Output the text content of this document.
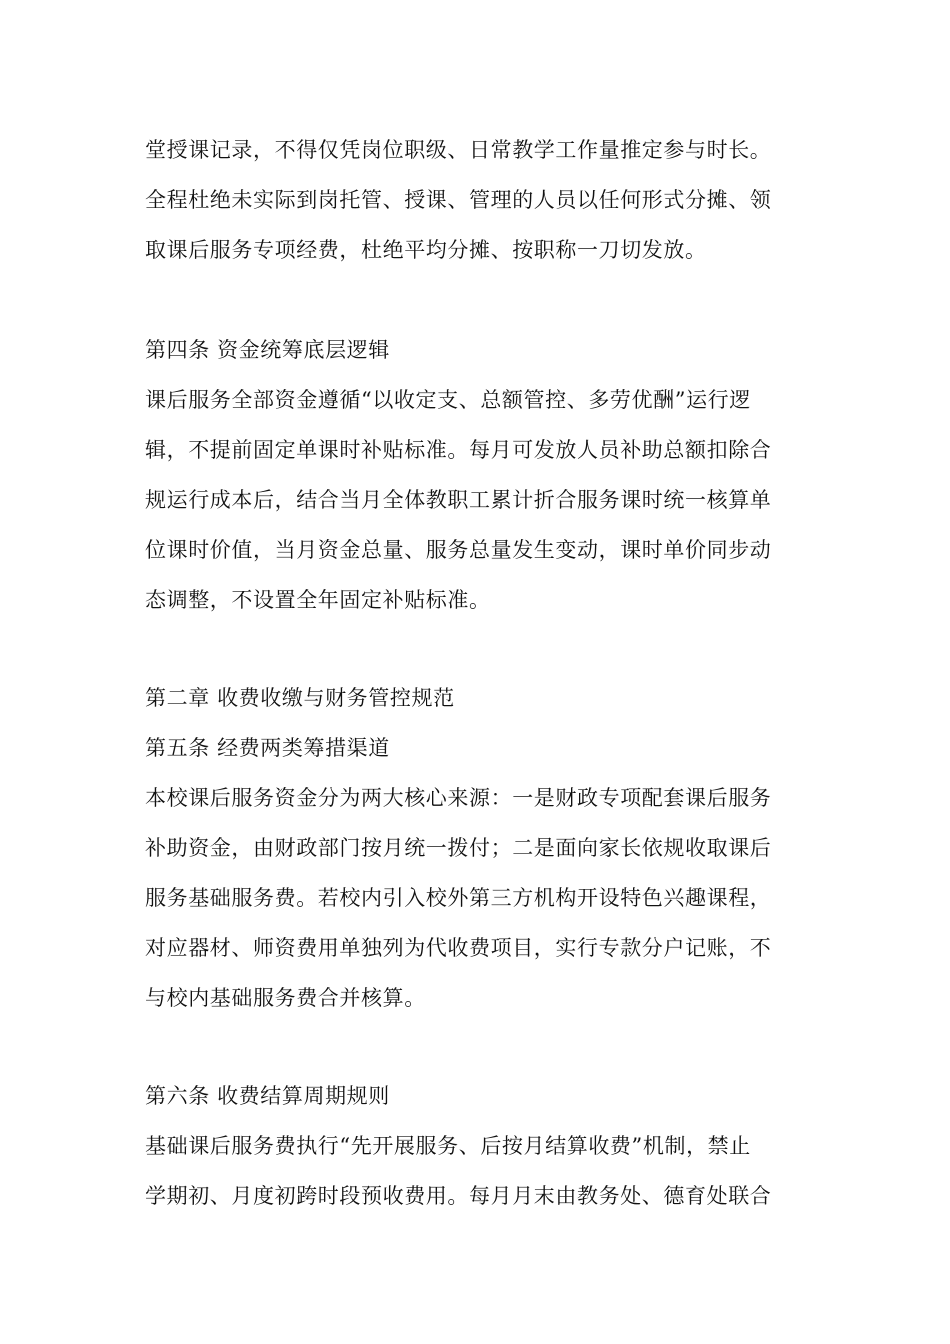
堂授课记录，不得仅凭岗位职级、日常教学工作量推定参与时长。
全程杜绝未实际到岗托管、授课、管理的人员以任何形式分摊、领
取课后服务专项经费，杜绝平均分摊、按职称一刀切发放。
第四条 资金统筹底层逻辑
课后服务全部资金遵循“以收定支、总额管控、多劳优酬”运行逻
辑，不提前固定单课时补贴标准。每月可发放人员补助总额扣除合
规运行成本后，结合当月全体教职工累计折合服务课时统一核算单
位课时价值，当月资金总量、服务总量发生变动，课时单价同步动
态调整，不设置全年固定补贴标准。
第二章 收费收缴与财务管控规范
第五条 经费两类筹措渠道
本校课后服务资金分为两大核心来源：一是财政专项配套课后服务
补助资金，由财政部门按月统一拨付；二是面向家长依规收取课后
服务基础服务费。若校内引入校外第三方机构开设特色兴趣课程，
对应器材、师资费用单独列为代收费项目，实行专款分户记账，不
与校内基础服务费合并核算。
第六条 收费结算周期规则
基础课后服务费执行“先开展服务、后按月结算收费”机制，禁止
学期初、月度初跨时段预收费用。每月月末由教务处、德育处联合
